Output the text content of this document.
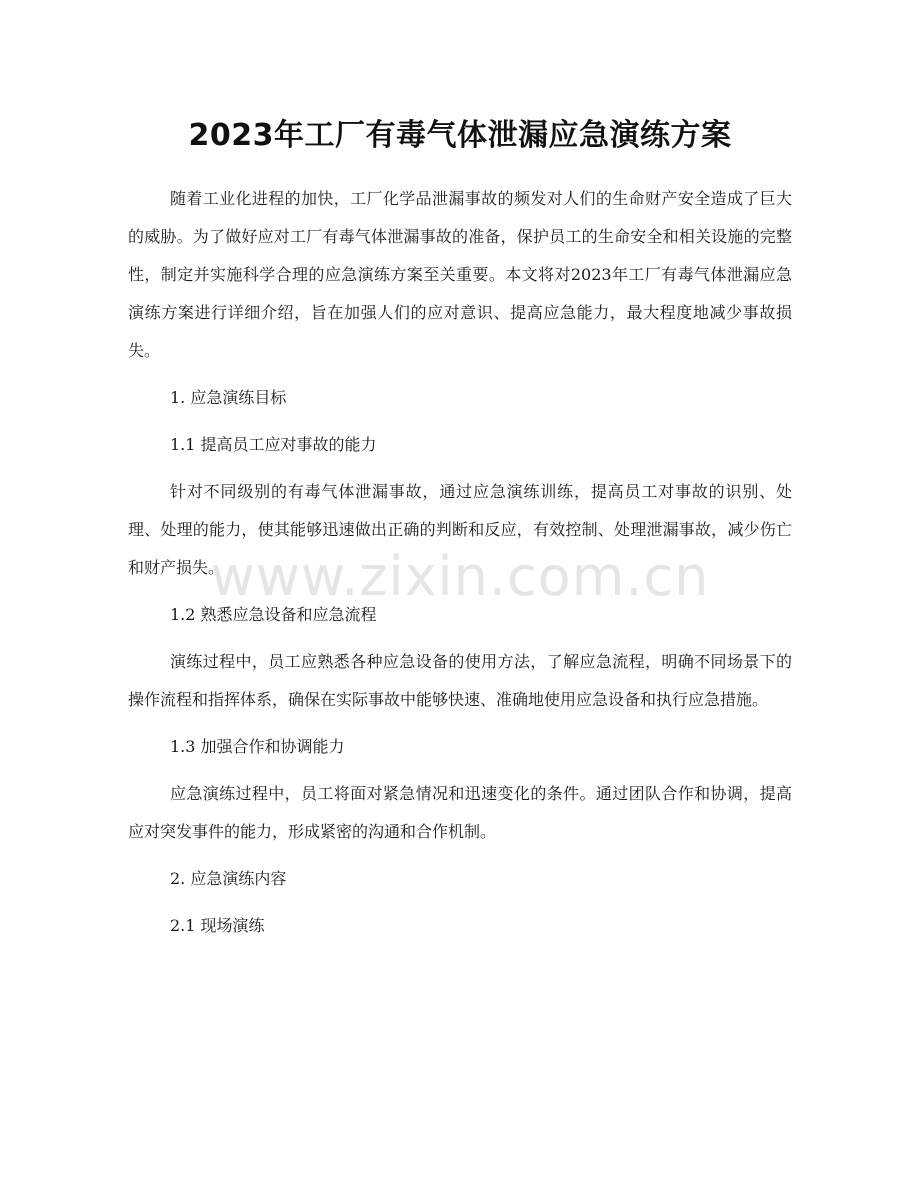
2023年工厂有毒气体泄漏应急演练方案

随着工业化进程的加快，工厂化学品泄漏事故的频发对人们的生命财产安全造成了巨大的威胁。为了做好应对工厂有毒气体泄漏事故的准备，保护员工的生命安全和相关设施的完整性，制定并实施科学合理的应急演练方案至关重要。本文将对2023年工厂有毒气体泄漏应急演练方案进行详细介绍，旨在加强人们的应对意识、提高应急能力，最大程度地减少事故损失。

1. 应急演练目标

1.1 提高员工应对事故的能力

针对不同级别的有毒气体泄漏事故，通过应急演练训练，提高员工对事故的识别、处理、处理的能力，使其能够迅速做出正确的判断和反应，有效控制、处理泄漏事故，减少伤亡和财产损失。

1.2 熟悉应急设备和应急流程

演练过程中，员工应熟悉各种应急设备的使用方法，了解应急流程，明确不同场景下的操作流程和指挥体系，确保在实际事故中能够快速、准确地使用应急设备和执行应急措施。

1.3 加强合作和协调能力

应急演练过程中，员工将面对紧急情况和迅速变化的条件。通过团队合作和协调，提高应对突发事件的能力，形成紧密的沟通和合作机制。

2. 应急演练内容

2.1 现场演练

www.zixin.com.cn
